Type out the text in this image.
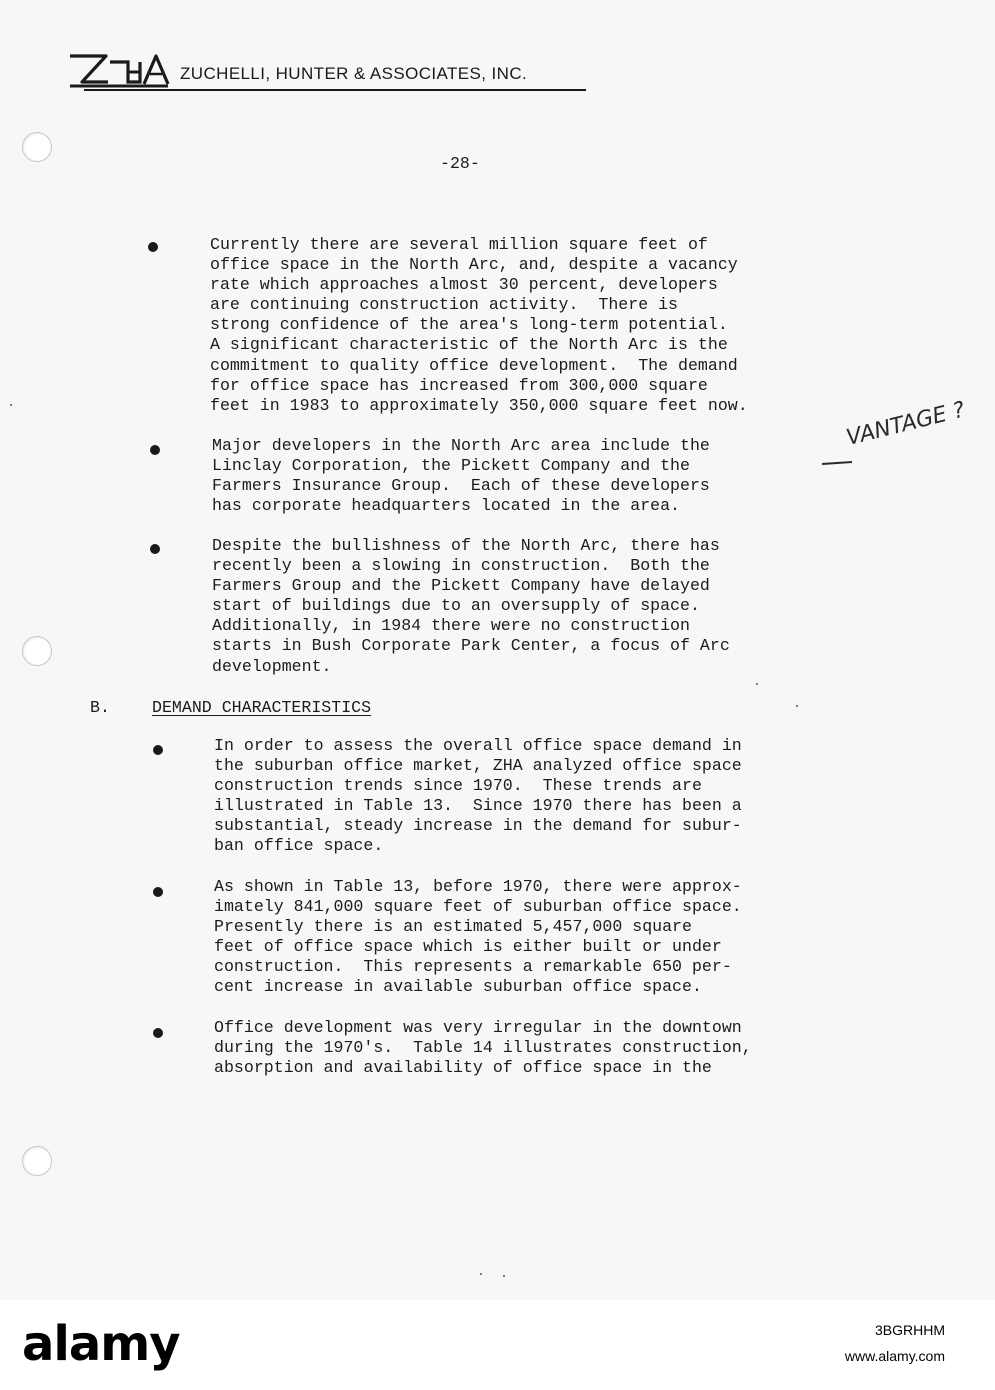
ZUCHELLI, HUNTER & ASSOCIATES, INC.
-28-
Currently there are several million square feet of
office space in the North Arc, and, despite a vacancy
rate which approaches almost 30 percent, developers
are continuing construction activity.  There is
strong confidence of the area's long-term potential.
A significant characteristic of the North Arc is the
commitment to quality office development.  The demand
for office space has increased from 300,000 square
feet in 1983 to approximately 350,000 square feet now.
Major developers in the North Arc area include the
Linclay Corporation, the Pickett Company and the
Farmers Insurance Group.  Each of these developers
has corporate headquarters located in the area.
Despite the bullishness of the North Arc, there has
recently been a slowing in construction.  Both the
Farmers Group and the Pickett Company have delayed
start of buildings due to an oversupply of space.
Additionally, in 1984 there were no construction
starts in Bush Corporate Park Center, a focus of Arc
development.
VANTAGE ?
B.	DEMAND CHARACTERISTICS
In order to assess the overall office space demand in
the suburban office market, ZHA analyzed office space
construction trends since 1970.  These trends are
illustrated in Table 13.  Since 1970 there has been a
substantial, steady increase in the demand for subur-
ban office space.
As shown in Table 13, before 1970, there were approx-
imately 841,000 square feet of suburban office space.
Presently there is an estimated 5,457,000 square
feet of office space which is either built or under
construction.  This represents a remarkable 650 per-
cent increase in available suburban office space.
Office development was very irregular in the downtown
during the 1970's.  Table 14 illustrates construction,
absorption and availability of office space in the
alamy	3BGRHHM
www.alamy.com
